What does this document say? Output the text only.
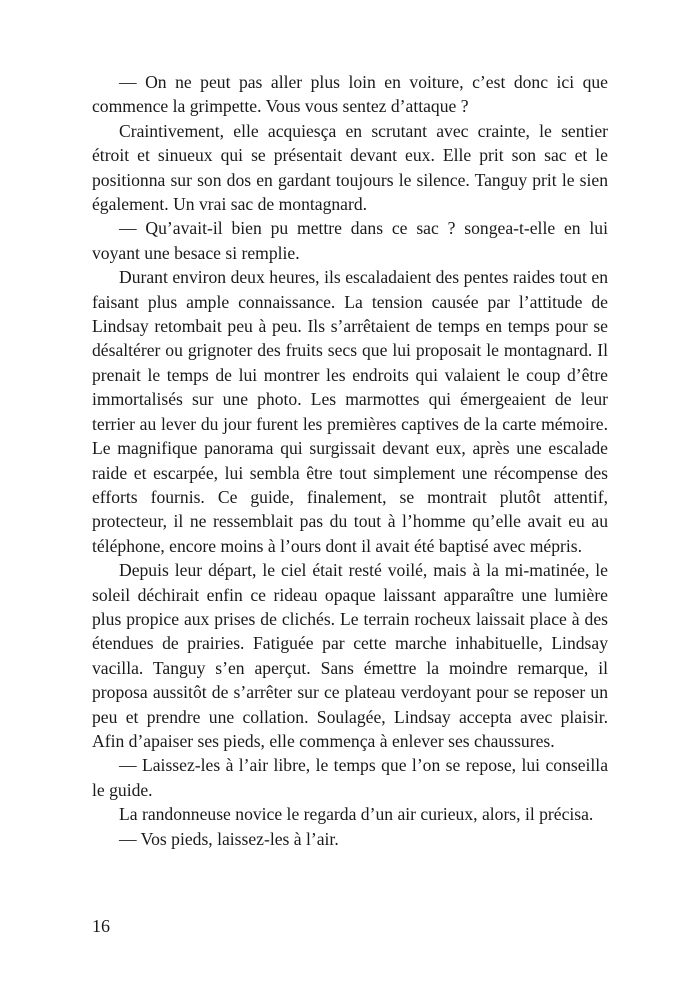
— On ne peut pas aller plus loin en voiture, c’est donc ici que commence la grimpette. Vous vous sentez d’attaque ?

Craintivement, elle acquiesça en scrutant avec crainte, le sentier étroit et sinueux qui se présentait devant eux. Elle prit son sac et le positionna sur son dos en gardant toujours le silence. Tanguy prit le sien également. Un vrai sac de montagnard.

— Qu’avait-il bien pu mettre dans ce sac ? songea-t-elle en lui voyant une besace si remplie.

Durant environ deux heures, ils escaladaient des pentes raides tout en faisant plus ample connaissance. La tension causée par l’attitude de Lindsay retombait peu à peu. Ils s’arrêtaient de temps en temps pour se désaltérer ou grignoter des fruits secs que lui proposait le montagnard. Il prenait le temps de lui montrer les endroits qui valaient le coup d’être immortalisés sur une photo. Les marmottes qui émergeaient de leur terrier au lever du jour furent les premières captives de la carte mémoire. Le magnifique panorama qui surgissait devant eux, après une escalade raide et escarpée, lui sembla être tout simplement une récompense des efforts fournis. Ce guide, finalement, se montrait plutôt attentif, protecteur, il ne ressemblait pas du tout à l’homme qu’elle avait eu au téléphone, encore moins à l’ours dont il avait été baptisé avec mépris.

Depuis leur départ, le ciel était resté voilé, mais à la mi-matinée, le soleil déchirait enfin ce rideau opaque laissant apparaître une lumière plus propice aux prises de clichés. Le terrain rocheux laissait place à des étendues de prairies. Fatiguée par cette marche inhabituelle, Lindsay vacilla. Tanguy s’en aperçut. Sans émettre la moindre remarque, il proposa aussitôt de s’arrêter sur ce plateau verdoyant pour se reposer un peu et prendre une collation. Soulagée, Lindsay accepta avec plaisir. Afin d’apaiser ses pieds, elle commença à enlever ses chaussures.

— Laissez-les à l’air libre, le temps que l’on se repose, lui conseilla le guide.

La randonneuse novice le regarda d’un air curieux, alors, il précisa.

— Vos pieds, laissez-les à l’air.

16
